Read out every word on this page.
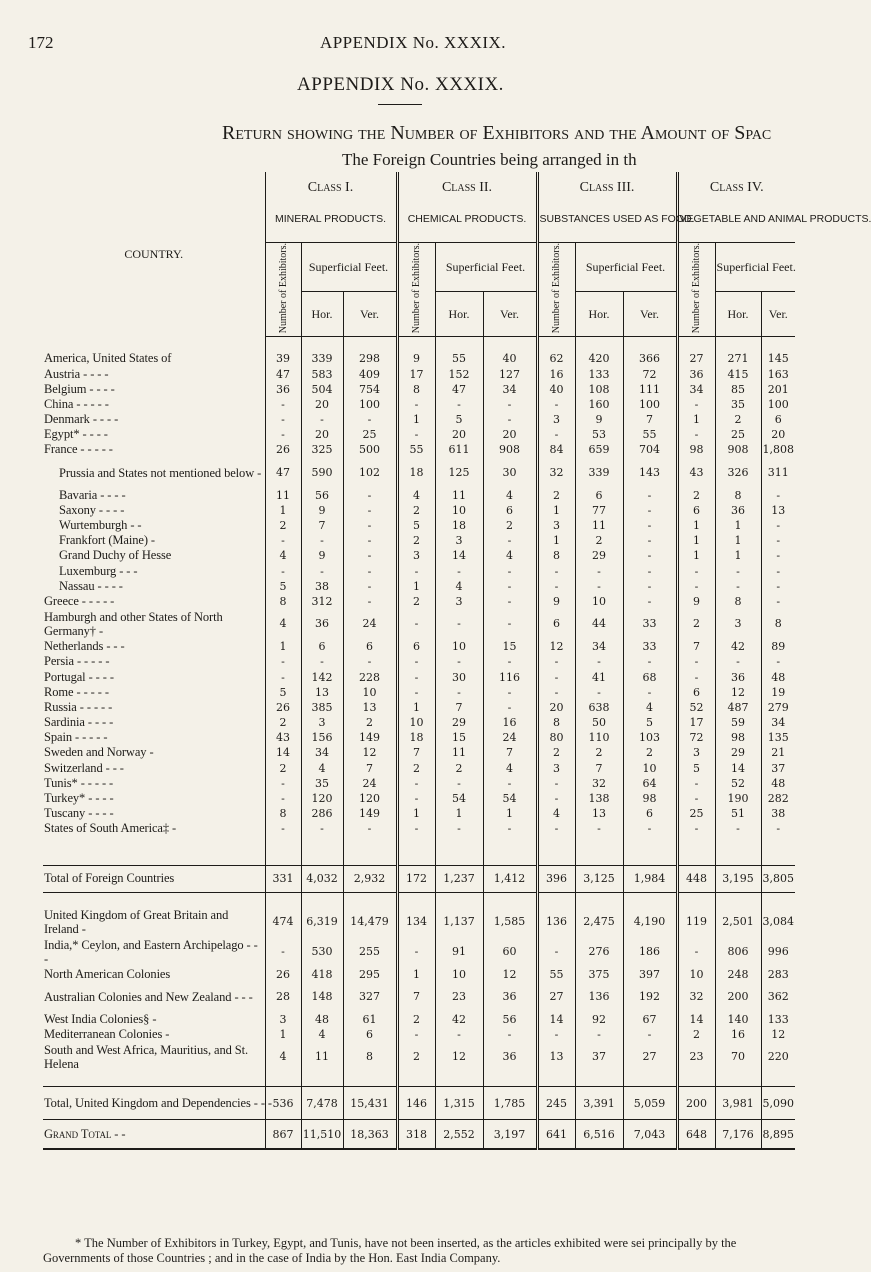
172	APPENDIX No. XXXIX.
APPENDIX No. XXXIX.
Return showing the Number of Exhibitors and the Amount of Spac
The Foreign Countries being arranged in th
COUNTRY.	Class I.			Class II.			Class III.			Class IV.		
	MINERAL PRODUCTS.			CHEMICAL PRODUCTS.			SUBSTANCES USED AS FOOD.			VEGETABLE AND ANIMAL PRODUCTS.		
	Number of Exhibitors.	Superficial Feet.		Number of Exhibitors.	Superficial Feet.		Number of Exhibitors.	Superficial Feet.		Number of Exhibitors.	Superficial Feet.	
		Hor.	Ver.		Hor.	Ver.		Hor.	Ver.		Hor.	Ver.

America, United States of	39	339	298	9	55	40	62	420	366	27	271	145
Austria - - - -	47	583	409	17	152	127	16	133	72	36	415	163
Belgium - - - -	36	504	754	8	47	34	40	108	111	34	85	201
China - - - - -	-	20	100	-	-	-	-	160	100	-	35	100
Denmark - - - -	-	-	-	1	5	-	3	9	7	1	2	6
Egypt* - - - -	-	20	25	-	20	20	-	53	55	-	25	20
France - - - - -	26	325	500	55	611	908	84	659	704	98	908	1,808
Prussia and States not mentioned below -	47	590	102	18	125	30	32	339	143	43	326	311
Bavaria - - - -	11	56	-	4	11	4	2	6	-	2	8	-
Saxony - - - -	1	9	-	2	10	6	1	77	-	6	36	13
Wurtemburgh - -	2	7	-	5	18	2	3	11	-	1	1	-
Frankfort (Maine) -	-	-	-	2	3	-	1	2	-	1	1	-
Grand Duchy of Hesse	4	9	-	3	14	4	8	29	-	1	1	-
Luxemburg - - -	-	-	-	-	-	-	-	-	-	-	-	-
Nassau - - - -	5	38	-	1	4	-	-	-	-	-	-	-
Greece - - - - -	8	312	-	2	3	-	9	10	-	9	8	-
Hamburgh and other States of North Germany† -	4	36	24	-	-	-	6	44	33	2	3	8
Netherlands - - -	1	6	6	6	10	15	12	34	33	7	42	89
Persia - - - - -	-	-	-	-	-	-	-	-	-	-	-	-
Portugal - - - -	-	142	228	-	30	116	-	41	68	-	36	48
Rome - - - - -	5	13	10	-	-	-	-	-	-	6	12	19
Russia - - - - -	26	385	13	1	7	-	20	638	4	52	487	279
Sardinia - - - -	2	3	2	10	29	16	8	50	5	17	59	34
Spain - - - - -	43	156	149	18	15	24	80	110	103	72	98	135
Sweden and Norway -	14	34	12	7	11	7	2	2	2	3	29	21
Switzerland - - -	2	4	7	2	2	4	3	7	10	5	14	37
Tunis* - - - - -	-	35	24	-	-	-	-	32	64	-	52	48
Turkey* - - - -	-	120	120	-	54	54	-	138	98	-	190	282
Tuscany - - - -	8	286	149	1	1	1	4	13	6	25	51	38
States of South America‡ -	-	-	-	-	-	-	-	-	-	-	-	-

Total of Foreign Countries	331	4,032	2,932	172	1,237	1,412	396	3,125	1,984	448	3,195	3,805

United Kingdom of Great Britain and Ireland -	474	6,319	14,479	134	1,137	1,585	136	2,475	4,190	119	2,501	3,084
India,* Ceylon, and Eastern Archipelago - - -	-	530	255	-	91	60	-	276	186	-	806	996
North American Colonies	26	418	295	1	10	12	55	375	397	10	248	283
Australian Colonies and New Zealand - - -	28	148	327	7	23	36	27	136	192	32	200	362
West India Colonies§ -	3	48	61	2	42	56	14	92	67	14	140	133
Mediterranean Colonies -	1	4	6	-	-	-	-	-	-	2	16	12
South and West Africa, Mauritius, and St. Helena	4	11	8	2	12	36	13	37	27	23	70	220

Total, United Kingdom and Dependencies - - -	536	7,478	15,431	146	1,315	1,785	245	3,391	5,059	200	3,981	5,090
Grand Total - -	867	11,510	18,363	318	2,552	3,197	641	6,516	7,043	648	7,176	8,895
* The Number of Exhibitors in Turkey, Egypt, and Tunis, have not been inserted, as the articles exhibited were sei principally by the Governments of those Countries ; and in the case of India by the Hon. East India Company.
